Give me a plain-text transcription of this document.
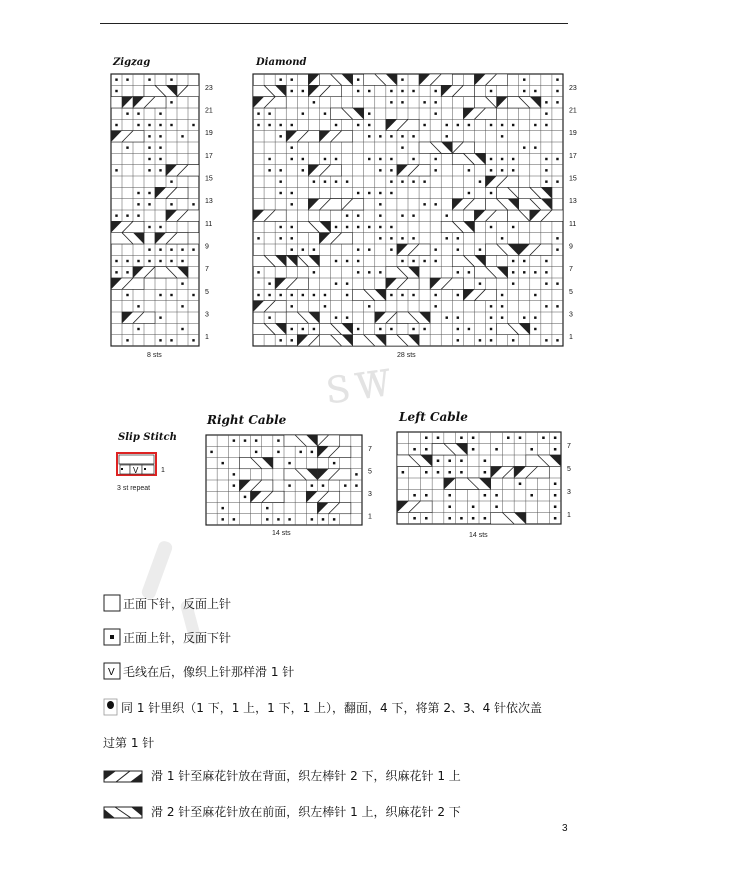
ＳＷ
Zigzag
23
21
19
17
15
13
11
9
7
5
3
1
8 sts
Diamond
23
21
19
17
15
13
11
9
7
5
3
1
28 sts
Slip Stitch
V	1
3 st repeat
Right Cable
7
5
3
1
14 sts
Left Cable
7
5
3
1
14 sts
正面下针，反面上针
正面上针，反面下针
V 毛线在后，像织上针那样滑 1 针
同 1 针里织（1 下，1 上，1 下，1 上），翻面，4 下，将第 2、3、4 针依次盖
过第 1 针
滑 1 针至麻花针放在背面，织左棒针 2 下，织麻花针 1 上
滑 2 针至麻花针放在前面，织左棒针 1 上，织麻花针 2 下
3
